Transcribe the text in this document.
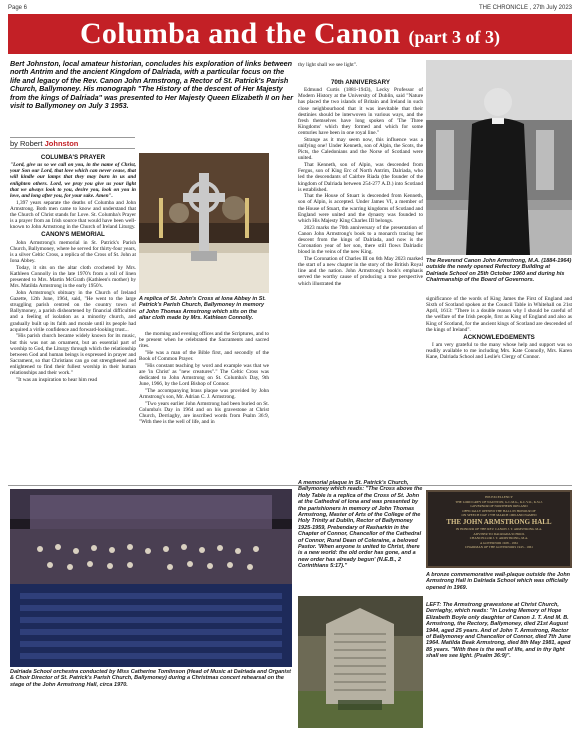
Page 6	THE CHRONICLE , 27th July 2023
Columba and the Canon (part 3 of 3)
Bert Johnston, local amateur historian, concludes his exploration of links between north Antrim and the ancient Kingdom of Dalriada, with a particular focus on the life and legacy of the Rev. Canon John Armstrong, a Rector of St. Patrick's Parish Church, Ballymoney. His monograph "The History of the descent of Her Majesty from the kings of Dalriada" was presented to Her Majesty Queen Elizabeth II on her visit to Ballymoney on July 3 1953.
by Robert Johnston
COLUMBA'S PRAYER

"Lord, give us so we call on you, in the name of Christ, your Son our Lord, that love which can never cease, that will kindle our lamps that they may burn in us and enlighten others. Lord, we pray you give us your light that we always look to you, desire you, look on you in love, and long after you, for your sake. Amen".

1,397 years separate the deaths of Columba and John Armstrong. Both men came to know and understand that the Church of Christ stands for Love. St. Columba's Prayer is a prayer from an Irish source that would have been well-known to John Armstrong in the Church of Ireland Liturgy.

CANON'S MEMORIAL

John Armstrong's memorial in St. Patrick's Parish Church, Ballymoney, where he served for thirty-four years, is a silver Celtic Cross, a replica of the Cross of St. John at Iona Abbey.

Today, it sits on the altar cloth crocheted by Mrs. Kathleen Connolly in the late 1970's from a roll of linen presented to Mrs. Martin McGrath (Kathleen's mother) by Mrs. Matilda Armstrong in the early 1950's.

John Armstrong's obituary in the Church of Ireland Gazette, 12th June, 1964, said, "He went to the large struggling parish centred on the country town of Ballymoney, a parish disheartened by financial difficulties and a feeling of isolation as a minority church, and gradually built up its faith and morale until its people had acquired a virile confidence and forward-looking trust...

"His parish church became widely known for its music, but this was not an ornament, but an essential part of worship to God, the Liturgy through which the relationship between God and human beings is expressed in prayer and Sacrament, so that Christians can go out strengthened and enlightened to find their fullest worship in their human relationships and their work."

"It was an inspiration to hear him read

A replica of St. John's Cross at Iona Abbey in St. Patrick's Parish Church, Ballymoney in memory of John Thomas Armstrong which sits on the altar cloth made by Mrs. Kathleen Connolly.

the morning and evening offices and the Scriptures, and to be present when he celebrated the Sacraments and sacred rites.

"He was a man of the Bible first, and secondly of the Book of Common Prayer.

"His constant teaching by word and example was that we are 'in Christ' as "new creatures"." The Celtic Cross was dedicated to John Armstrong on St. Columba's Day, 9th June, 1966, by the Lord Bishop of Connor.

"The accompanying brass plaque was provided by John Armstrong's son, Mr. Adrian C. J. Armstrong.

"Two years earlier John Armstrong had been buried on St. Columba's Day in 1964 and on his gravestone at Christ Church, Derriaghy, are inscribed words from Psalm 36:9, "With thee is the well of life, and in

thy light shall we see light".

70th ANNIVERSARY

Edmund Curtis (1881-1943), Lecky Professor of Modern History at the University of Dublin, said "Nature has placed the two islands of Britain and Ireland in such close neighbourhood that it was inevitable that their destinies should be interwoven in various ways, and the fresh themselves have long spoken of 'The Three Kingdoms' which they formed and which for some centuries have been in one royal line."

Strange as it may seem now, this influence was a unifying one! Under Kenneth, son of Alpin, the Scots, the Picts, the Caledonians and the Norse of Scotland were united.

That Kenneth, son of Alpin, was descended from Fergus, son of King Erc of North Antrim, Dalriada, who led the descendants of Cairbre Riada (the founder of the kingdom of Dalriada between 254-277 A.D.) into Scotland is established.

That the House of Stuart is descended from Kenneth, son of Alpin, is accepted. Under James VI, a member of the House of Stuart, the warring kingdoms of Scotland and England were united and the dynasty was founded to which His Majesty King Charles III belongs.

2023 marks the 70th anniversary of the presentation of Canon John Armstrong's book to a monarch tracing her descent from the kings of Dalriada, and now is the Coronation year of her son, there still flows Dalriadic blood in the veins of the new King.

The Coronation of Charles III on 6th May 2023 marked the start of a new chapter in the story of the British Royal line and the nation. John Armstrong's book's emphasis served the worthy cause of producing a true perspective which illustrated the

The Reverend Canon John Armstrong, M.A. (1884-1964) outside the newly opened Refectory Building at Dalriada School on 25th October 1960 and during his Chairmanship of the Board of Governors.

significance of the words of King James the First of England and Sixth of Scotland spoken at the Council Table in Whitehall on 21st April, 1613: "There is a double reason why I should be careful of the welfare of the Irish people, first as King of England and also as King of Scotland, for the ancient kings of Scotland are descended of the kings of Ireland".

ACKNOWLEDGEMENTS

I am very grateful to the many whose help and support was so readily available to me including Mrs. Kate Connolly, Mrs. Karen Kane, Dalriada School and Leslie's Clergy of Connor.

Dalriada School orchestra conducted by Miss Catherine Tomlinson (Head of Music at Dalriada and Organist & Choir Director of St. Patrick's Parish Church, Ballymoney) during a Christmas concert rehearsal on the stage of the John Armstrong Hall, circa 1970.
A memorial plaque in St. Patrick's Church, Ballymoney which reads: "The Cross above the Holy Table is a replica of the Cross of St. John at the Cathedral of Iona and was presented by the parishioners in memory of John Thomas Armstrong, Master of Arts of the College of the Holy Trinity at Dublin, Rector of Ballymoney 1925-1959, Prebendary of Rasharkin in the Chapter of Connor, Chancellor of the Cathedral of Connor, Rural Dean of Coleraine, a beloved Pastor. 'When anyone is united to Christ, there is a new world: the old order has gone, and a new order has already begun' (N.E.B., 2 Corinthians 5:17)."
HIS EXCELLENCY
THE LORD GREY OF NAUNTON, G.C.M.G., K.C.V.O., K.St.J.
GOVERNOR OF NORTHERN IRELAND
OFFICIALLY OPENED THE HALL IN HONOUR OF
ON SPEECH DAY 17TH MARCH 1969 AND NAMED
THE JOHN ARMSTRONG HALL
IN HONOUR OF THE REV. CANON J. T. ARMSTRONG M.A.
ADVISER TO DALRIADA SCHOOL
CHANCELLOR J. T. ARMSTRONG, M.A.
A GOVERNOR 1928 - 1961
CHAIRMAN OF THE GOVERNORS 1945 - 1961
A bronze commemorative wall-plaque outside the John Armstrong Hall in Dalriada School which was officially opened in 1969.
LEFT: The Armstrong gravestone at Christ Church, Derriaghy, which reads: "In Loving Memory of Hope Elizabeth Boyle only daughter of Canon J. T. And M. B. Armstrong, the Rectory, Ballymoney, died 21st August 1944, aged 25 years. And of John T. Armstrong, Rector of Ballymoney and Chancellor of Connor, died 7th June 1964. Matilda Beak Armstrong, died 8th May 1981, aged 85 years. "With thee is the well of life, and in thy light shall we see light. (Psalm 36:9)".
